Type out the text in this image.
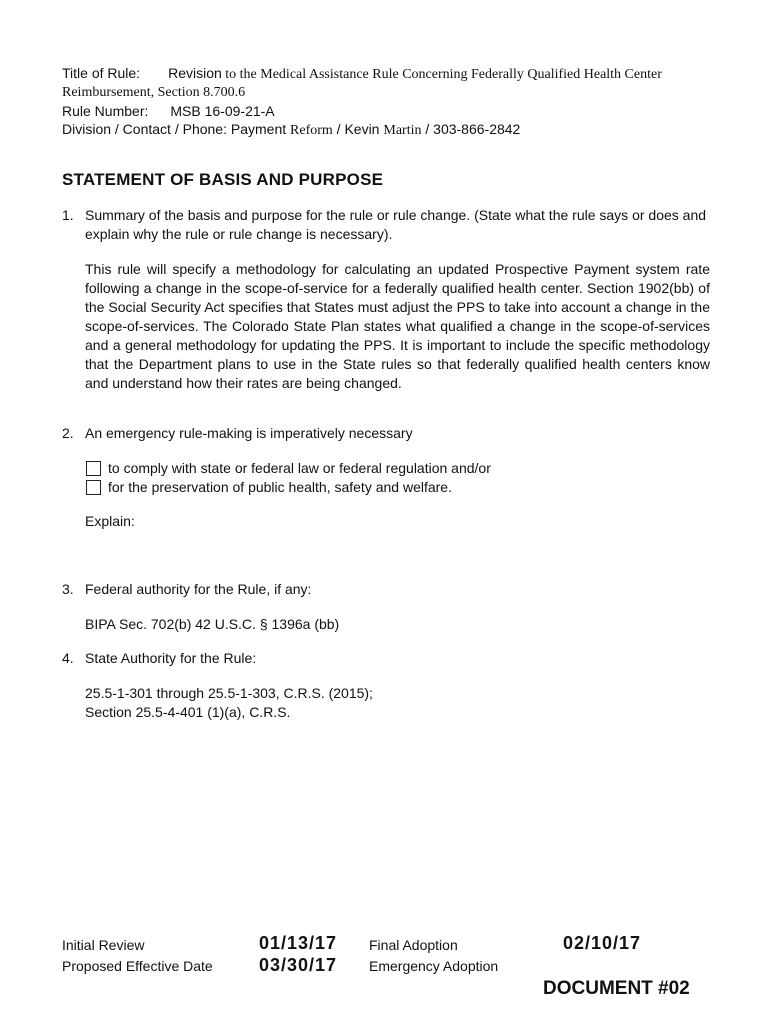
Title of Rule: Revision to the Medical Assistance Rule Concerning Federally Qualified Health Center
Reimbursement, Section 8.700.6
Rule Number: MSB 16-09-21-A
Division / Contact / Phone: Payment Reform / Kevin Martin / 303-866-2842
STATEMENT OF BASIS AND PURPOSE
1. Summary of the basis and purpose for the rule or rule change. (State what the rule says or does and explain why the rule or rule change is necessary).
This rule will specify a methodology for calculating an updated Prospective Payment system rate following a change in the scope-of-service for a federally qualified health center. Section 1902(bb) of the Social Security Act specifies that States must adjust the PPS to take into account a change in the scope-of-services. The Colorado State Plan states what qualified a change in the scope-of-services and a general methodology for updating the PPS. It is important to include the specific methodology that the Department plans to use in the State rules so that federally qualified health centers know and understand how their rates are being changed.
2. An emergency rule-making is imperatively necessary
to comply with state or federal law or federal regulation and/or
for the preservation of public health, safety and welfare.
Explain:
3. Federal authority for the Rule, if any:
BIPA Sec. 702(b) 42 U.S.C. § 1396a (bb)
4. State Authority for the Rule:
25.5-1-301 through 25.5-1-303, C.R.S. (2015);
Section 25.5-4-401 (1)(a), C.R.S.
Initial Review	01/13/17 Final Adoption	02/10/17
Proposed Effective Date	03/30/17 Emergency Adoption
DOCUMENT #02
